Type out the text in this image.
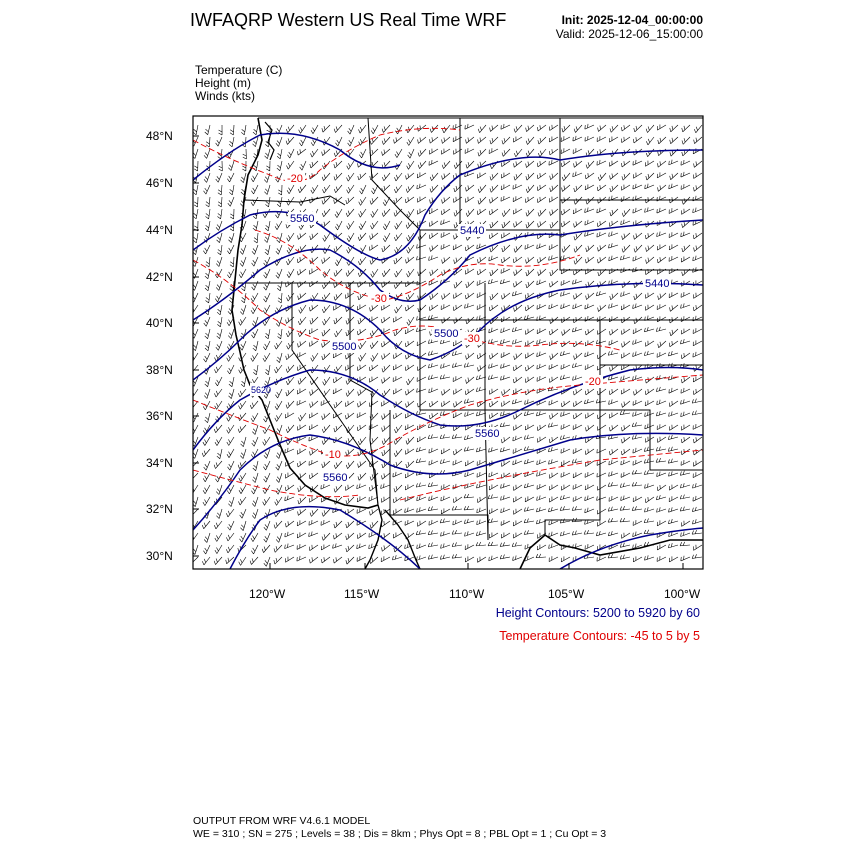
IWFAQRP Western US Real Time WRF	Init: 2025-12-04_00:00:00
Valid: 2025-12-06_15:00:00
Temperature (C)
Height (m)
Winds (kts)
48°N
46°N
44°N
42°N
40°N
38°N
36°N
34°N
32°N
30°N
120°W	115°W	110°W	105°W	100°W
5560
5440
5440
5500
5500
5560
5560
5620
-20
-30
-30
-20
-10
Height Contours: 5200 to 5920 by 60
Temperature Contours: -45 to 5 by 5
OUTPUT FROM WRF V4.6.1 MODEL
WE = 310 ; SN = 275 ; Levels = 38 ; Dis = 8km ; Phys Opt = 8 ; PBL Opt = 1 ; Cu Opt = 3
